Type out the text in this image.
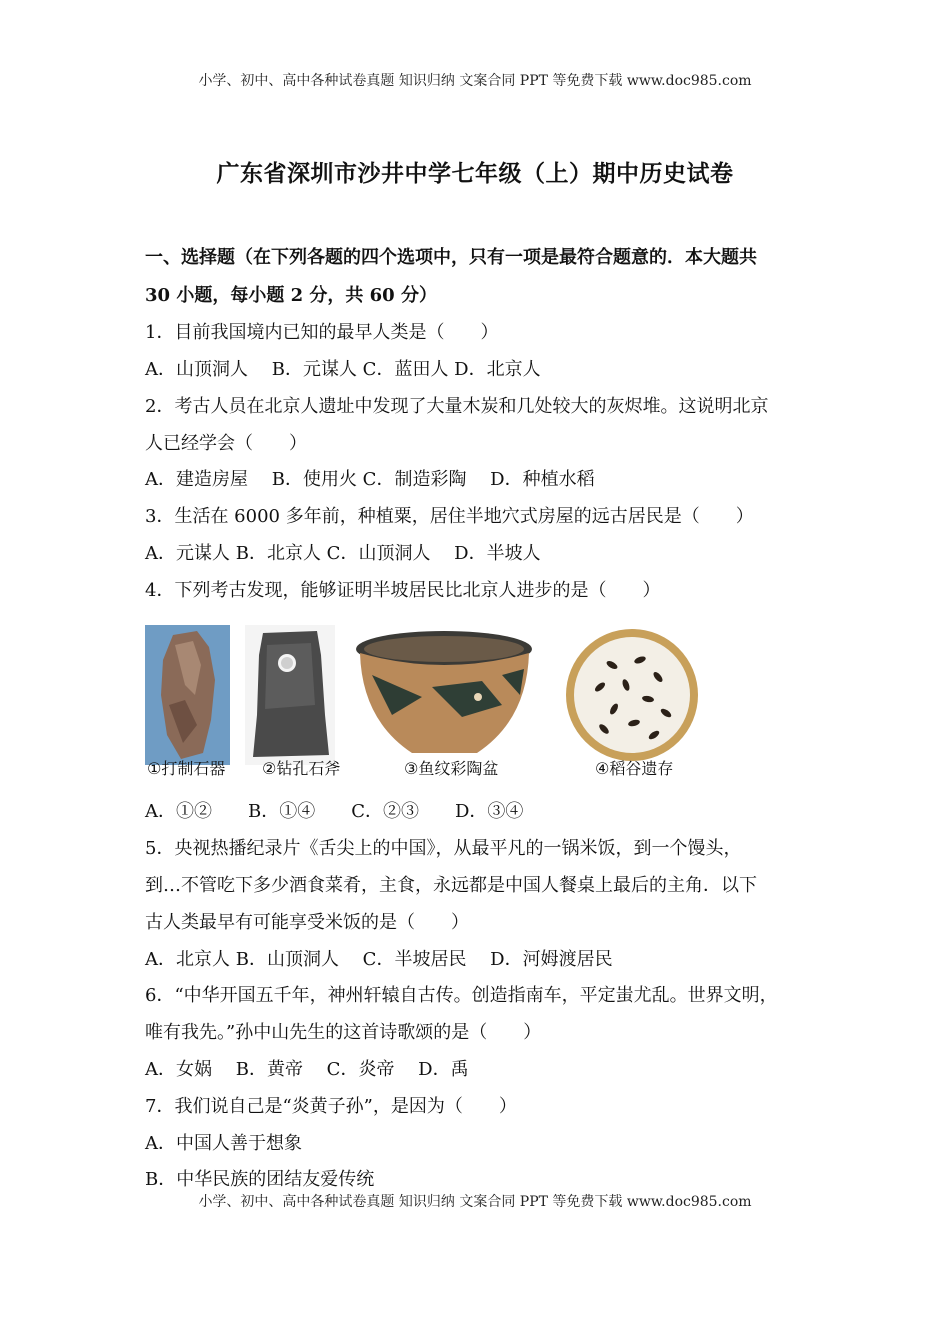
小学、初中、高中各种试卷真题 知识归纳 文案合同 PPT 等免费下载 www.doc985.com
广东省深圳市沙井中学七年级（上）期中历史试卷
一、选择题（在下列各题的四个选项中，只有一项是最符合题意的．本大题共
30 小题，每小题 2 分，共 60 分）
1．目前我国境内已知的最早人类是（　　）
A．山顶洞人　 B．元谋人 C．蓝田人 D．北京人
2．考古人员在北京人遗址中发现了大量木炭和几处较大的灰烬堆。这说明北京
人已经学会（　　）
A．建造房屋　 B．使用火 C．制造彩陶　 D．种植水稻
3．生活在 6000 多年前，种植粟，居住半地穴式房屋的远古居民是（　　）
A．元谋人 B．北京人 C．山顶洞人　 D．半坡人
4．下列考古发现，能够证明半坡居民比北京人进步的是（　　）
①打制石器 ②钻孔石斧	③鱼纹彩陶盆	④稻谷遗存
A．①②　　B．①④　　C．②③　　D．③④
5．央视热播纪录片《舌尖上的中国》，从最平凡的一锅米饭，到一个馒头，
到…不管吃下多少酒食菜肴，主食，永远都是中国人餐桌上最后的主角．以下
古人类最早有可能享受米饭的是（　　）
A．北京人 B．山顶洞人　 C．半坡居民　 D．河姆渡居民
6．“中华开国五千年，神州轩辕自古传。创造指南车，平定蚩尤乱。世界文明，
唯有我先。”孙中山先生的这首诗歌颂的是（　　）
A．女娲　 B．黄帝　 C．炎帝　 D．禹
7．我们说自己是“炎黄子孙”，是因为（　　）
A．中国人善于想象
B．中华民族的团结友爱传统
小学、初中、高中各种试卷真题 知识归纳 文案合同 PPT 等免费下载 www.doc985.com
